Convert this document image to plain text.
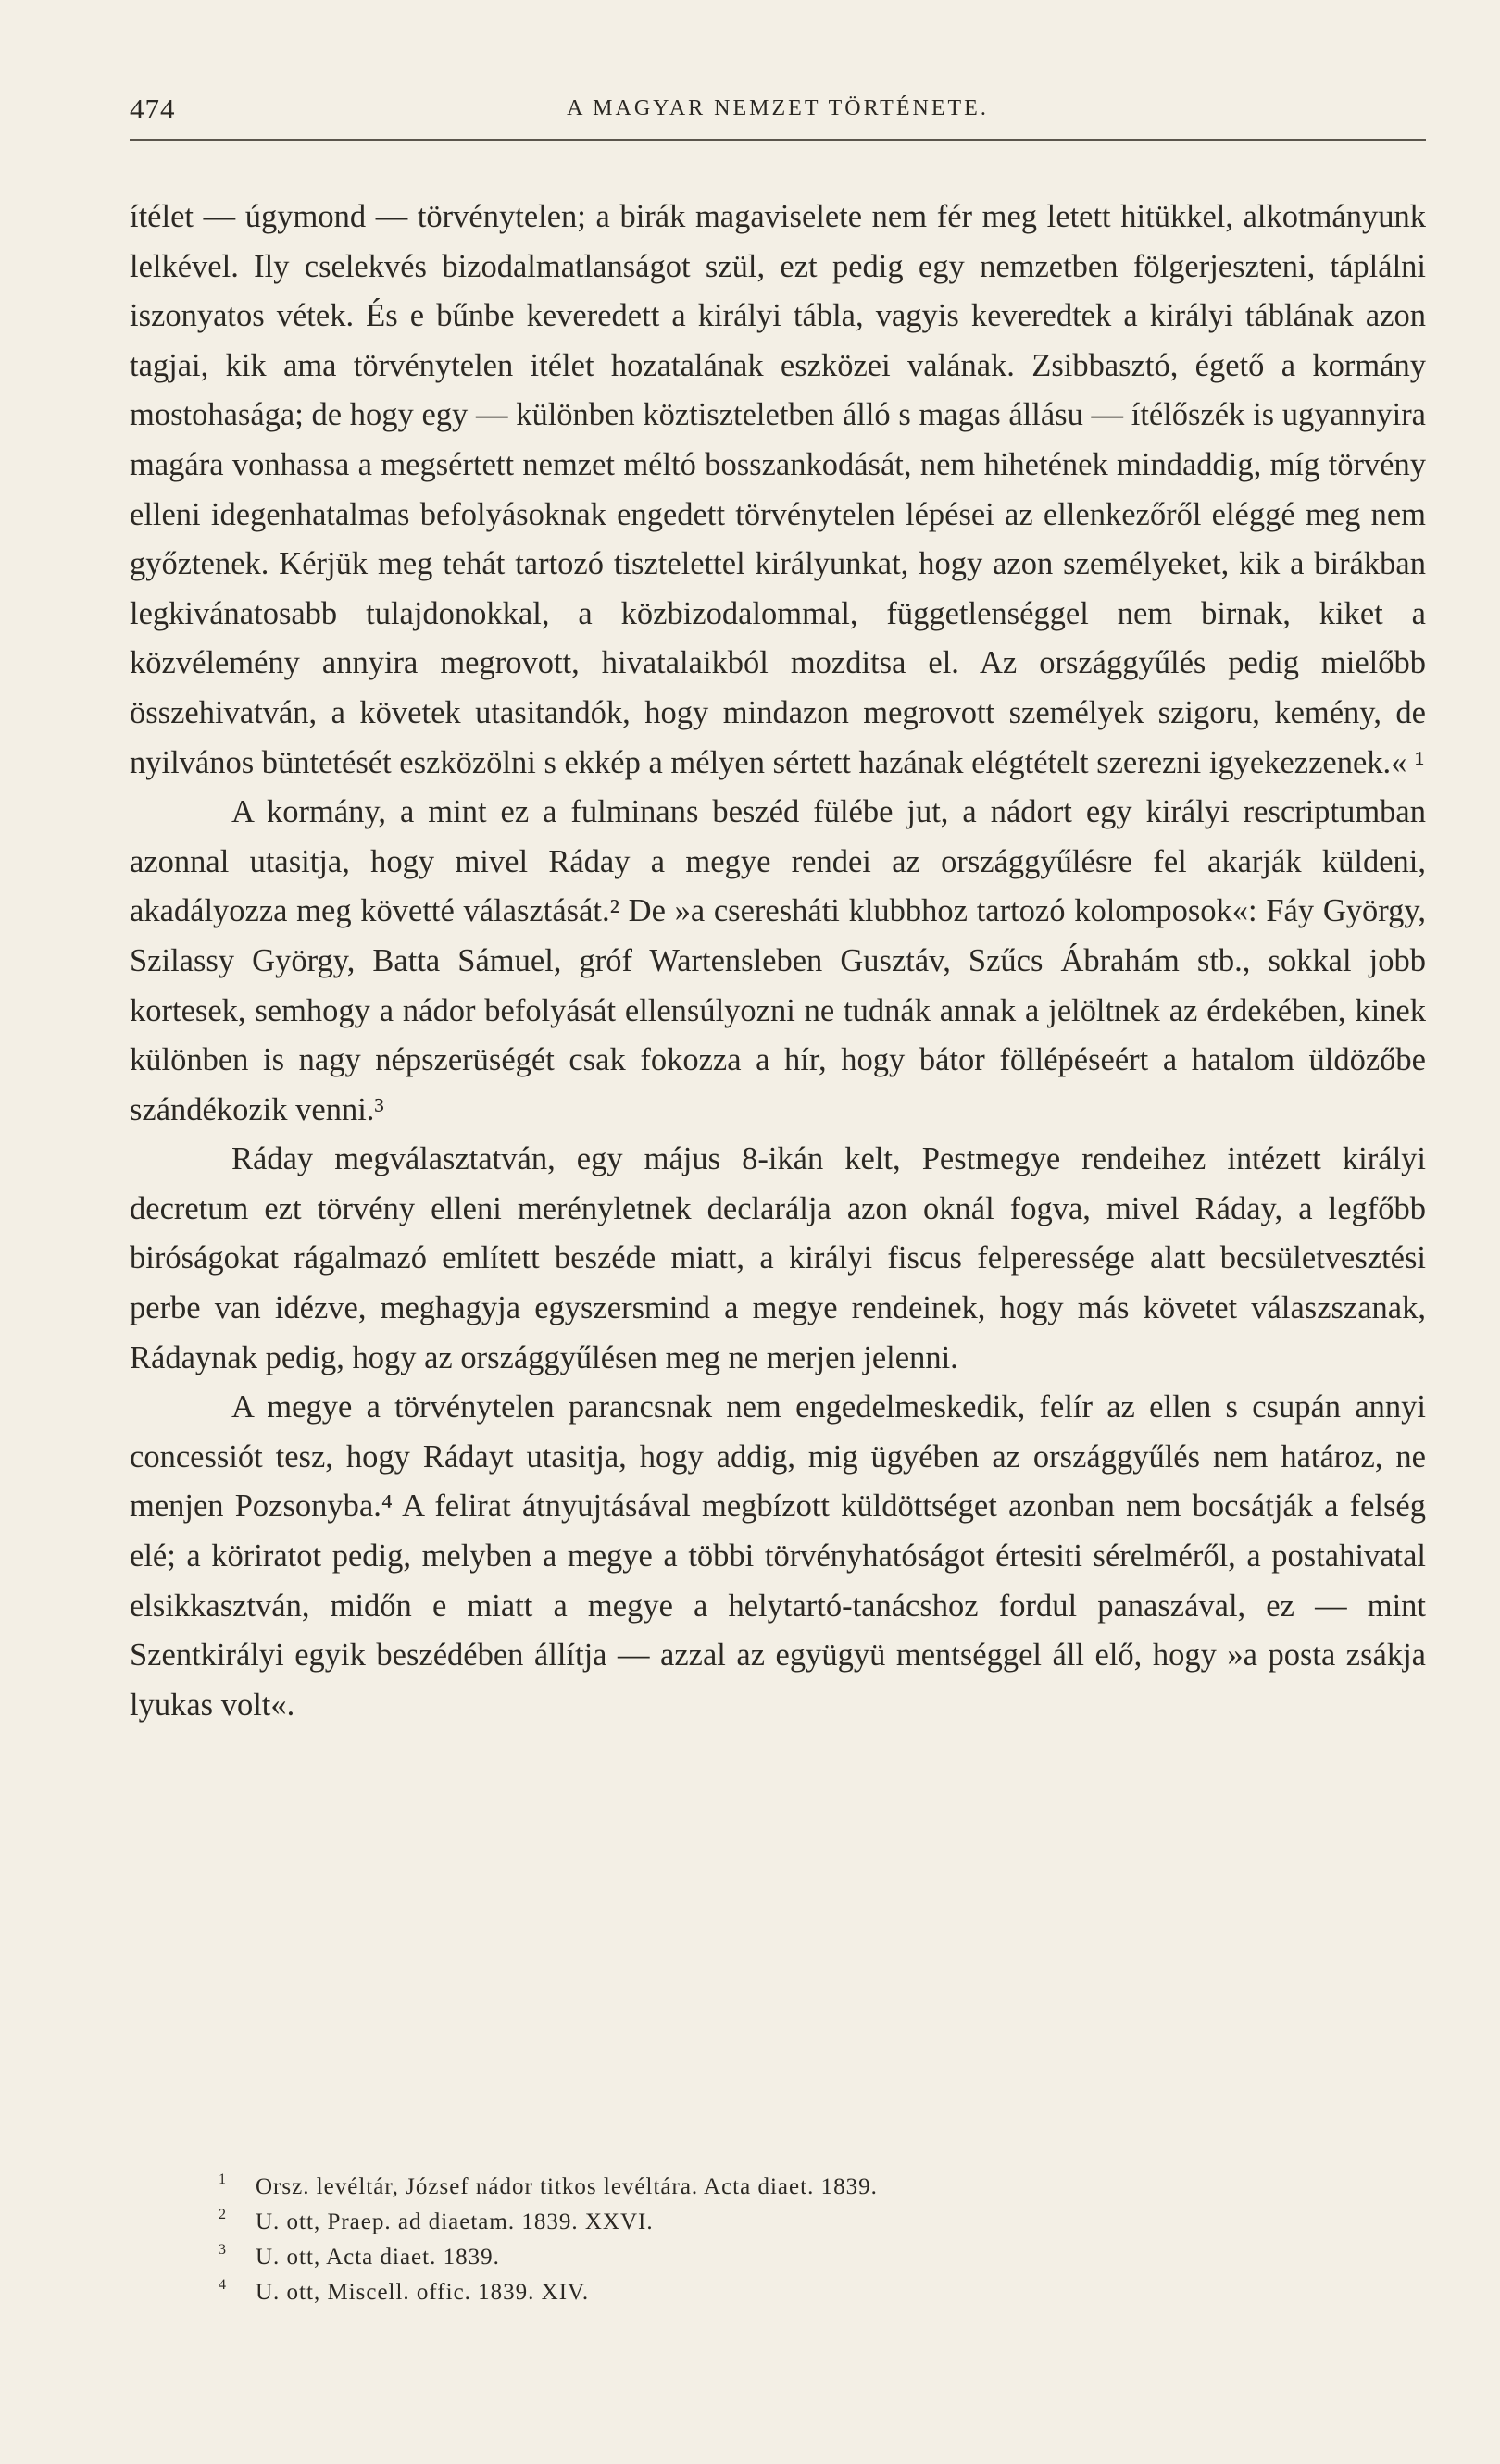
474	A MAGYAR NEMZET TÖRTÉNETE.

ítélet — úgymond — törvénytelen; a birák magaviselete nem fér meg letett hitükkel, alkotmányunk lelkével. Ily cselekvés bizodalmatlanságot szül, ezt pedig egy nemzetben fölgerjeszteni, táplálni iszonyatos vétek. És e bűnbe keveredett a királyi tábla, vagyis keveredtek a királyi táblának azon tagjai, kik ama törvénytelen itélet hozatalának eszközei valának. Zsibbasztó, égető a kormány mostohasága; de hogy egy — különben köztiszteletben álló s magas állásu — ítélőszék is ugyannyira magára vonhassa a megsértett nemzet méltó bosszankodását, nem hihetének mindaddig, míg törvény elleni idegenhatalmas befolyásoknak engedett törvénytelen lépései az ellenkezőről eléggé meg nem győztenek. Kérjük meg tehát tartozó tisztelettel királyunkat, hogy azon személyeket, kik a birákban legkivánatosabb tulajdonokkal, a közbizodalommal, függetlenséggel nem birnak, kiket a közvélemény annyira megrovott, hivatalaikból mozditsa el. Az országgyűlés pedig mielőbb összehivatván, a követek utasitandók, hogy mindazon megrovott személyek szigoru, kemény, de nyilvános büntetését eszközölni s ekkép a mélyen sértett hazának elégtételt szerezni igyekezzenek.« ¹

A kormány, a mint ez a fulminans beszéd fülébe jut, a nádort egy királyi rescriptumban azonnal utasitja, hogy mivel Ráday a megye rendei az országgyűlésre fel akarják küldeni, akadályozza meg követté választását.² De »a cseresháti klubbhoz tartozó kolomposok«: Fáy György, Szilassy György, Batta Sámuel, gróf Wartensleben Gusztáv, Szűcs Ábrahám stb., sokkal jobb kortesek, semhogy a nádor befolyását ellensúlyozni ne tudnák annak a jelöltnek az érdekében, kinek különben is nagy népszerüségét csak fokozza a hír, hogy bátor föllépéseért a hatalom üldözőbe szándékozik venni.³

Ráday megválasztatván, egy május 8-ikán kelt, Pestmegye rendeihez intézett királyi decretum ezt törvény elleni merényletnek declarálja azon oknál fogva, mivel Ráday, a legfőbb biróságokat rágalmazó említett beszéde miatt, a királyi fiscus felperessége alatt becsületvesztési perbe van idézve, meghagyja egyszersmind a megye rendeinek, hogy más követet válaszszanak, Rádaynak pedig, hogy az országgyűlésen meg ne merjen jelenni.

A megye a törvénytelen parancsnak nem engedelmeskedik, felír az ellen s csupán annyi concessiót tesz, hogy Rádayt utasitja, hogy addig, mig ügyében az országgyűlés nem határoz, ne menjen Pozsonyba.⁴ A felirat átnyujtásával megbízott küldöttséget azonban nem bocsátják a felség elé; a köriratot pedig, melyben a megye a többi törvényhatóságot értesiti sérelméről, a postahivatal elsikkasztván, midőn e miatt a megye a helytartó-tanácshoz fordul panaszával, ez — mint Szentkirályi egyik beszédében állítja — azzal az együgyü mentséggel áll elő, hogy »a posta zsákja lyukas volt«.

1	Orsz. levéltár, József nádor titkos levéltára. Acta diaet. 1839.
2	U. ott, Praep. ad diaetam. 1839. XXVI.
3	U. ott, Acta diaet. 1839.
4	U. ott, Miscell. offic. 1839. XIV.
